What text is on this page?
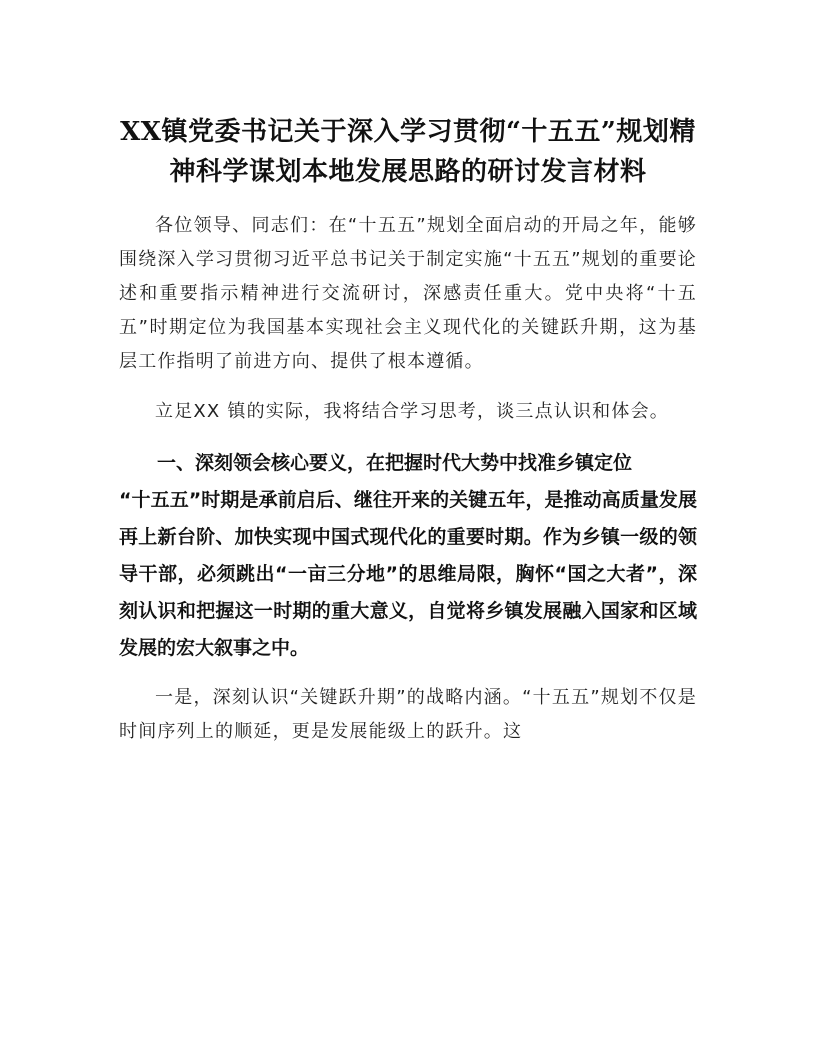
XX镇党委书记关于深入学习贯彻“十五五”规划精神科学谋划本地发展思路的研讨发言材料

各位领导、同志们：在“十五五”规划全面启动的开局之年，能够围绕深入学习贯彻习近平总书记关于制定实施“十五五”规划的重要论述和重要指示精神进行交流研讨，深感责任重大。党中央将“十五五”时期定位为我国基本实现社会主义现代化的关键跃升期，这为基层工作指明了前进方向、提供了根本遵循。

立足XX 镇的实际，我将结合学习思考，谈三点认识和体会。

一、深刻领会核心要义，在把握时代大势中找准乡镇定位
“十五五”时期是承前启后、继往开来的关键五年，是推动高质量发展再上新台阶、加快实现中国式现代化的重要时期。作为乡镇一级的领导干部，必须跳出“一亩三分地”的思维局限，胸怀“国之大者”，深刻认识和把握这一时期的重大意义，自觉将乡镇发展融入国家和区域发展的宏大叙事之中。

一是，深刻认识“关键跃升期”的战略内涵。“十五五”规划不仅是时间序列上的顺延，更是发展能级上的跃升。这
